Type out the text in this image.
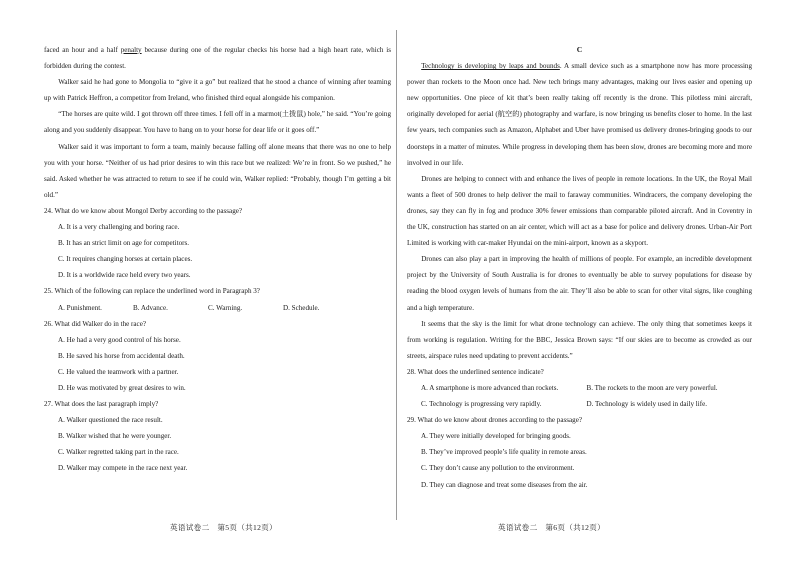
faced an hour and a half penalty because during one of the regular checks his horse had a high heart rate, which is forbidden during the contest.

Walker said he had gone to Mongolia to “give it a go” but realized that he stood a chance of winning after teaming up with Patrick Heffron, a competitor from Ireland, who finished third equal alongside his companion.

“The horses are quite wild. I got thrown off three times. I fell off in a marmot(土拨鼠) hole,” he said. “You’re going along and you suddenly disappear. You have to hang on to your horse for dear life or it goes off.”

Walker said it was important to form a team, mainly because falling off alone means that there was no one to help you with your horse. “Neither of us had prior desires to win this race but we realized: We’re in front. So we pushed,” he said. Asked whether he was attracted to return to see if he could win, Walker replied: “Probably, though I’m getting a bit old.”

24. What do we know about Mongol Derby according to the passage?

A. It is a very challenging and boring race.

B. It has an strict limit on age for competitors.

C. It requires changing horses at certain places.

D. It is a worldwide race held every two years.

25. Which of the following can replace the underlined word in Paragraph 3?

A. Punishment.	B. Advance.	C. Warning.	D. Schedule.

26. What did Walker do in the race?

A. He had a very good control of his horse.

B. He saved his horse from accidental death.

C. He valued the teamwork with a partner.

D. He was motivated by great desires to win.

27. What does the last paragraph imply?

A. Walker questioned the race result.

B. Walker wished that he were younger.

C. Walker regretted taking part in the race.

D. Walker may compete in the race next year.

英语试卷二　第5页（共12页）

C

Technology is developing by leaps and bounds. A small device such as a smartphone now has more processing power than rockets to the Moon once had. New tech brings many advantages, making our lives easier and opening up new opportunities. One piece of kit that’s been really taking off recently is the drone. This pilotless mini aircraft, originally developed for aerial (航空的) photography and warfare, is now bringing us benefits closer to home. In the last few years, tech companies such as Amazon, Alphabet and Uber have promised us delivery drones-bringing goods to our doorsteps in a matter of minutes. While progress in developing them has been slow, drones are becoming more and more involved in our life.

Drones are helping to connect with and enhance the lives of people in remote locations. In the UK, the Royal Mail wants a fleet of 500 drones to help deliver the mail to faraway communities. Windracers, the company developing the drones, say they can fly in fog and produce 30% fewer emissions than comparable piloted aircraft. And in Coventry in the UK, construction has started on an air center, which will act as a base for police and delivery drones. Urban-Air Port Limited is working with car-maker Hyundai on the mini-airport, known as a skyport.

Drones can also play a part in improving the health of millions of people. For example, an incredible development project by the University of South Australia is for drones to eventually be able to survey populations for disease by reading the blood oxygen levels of humans from the air. They’ll also be able to scan for other vital signs, like coughing and a high temperature.

It seems that the sky is the limit for what drone technology can achieve. The only thing that sometimes keeps it from working is regulation. Writing for the BBC, Jessica Brown says: “If our skies are to become as crowded as our streets, airspace rules need updating to prevent accidents.”

28. What does the underlined sentence indicate?

A. A smartphone is more advanced than rockets.	B. The rockets to the moon are very powerful.
C. Technology is progressing very rapidly.	D. Technology is widely used in daily life.

29. What do we know about drones according to the passage?

A. They were initially developed for bringing goods.

B. They’ve improved people’s life quality in remote areas.

C. They don’t cause any pollution to the environment.

D. They can diagnose and treat some diseases from the air.

英语试卷二　第6页（共12页）
